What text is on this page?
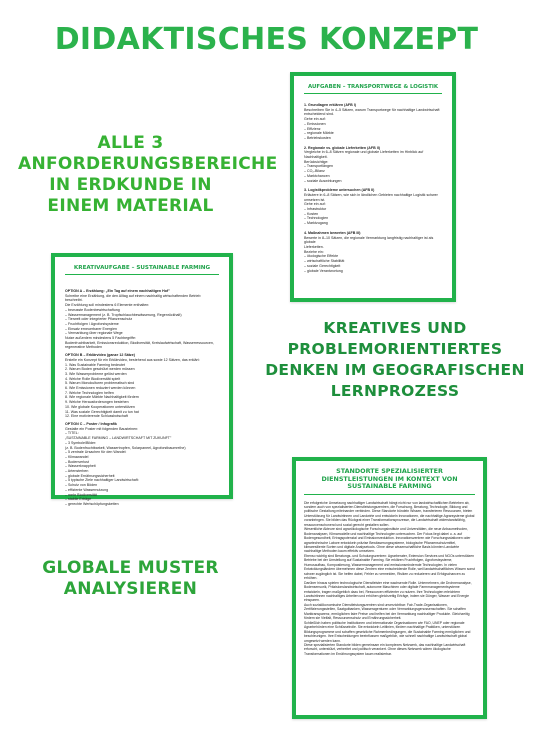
DIDAKTISCHES KONZEPT
AUFGABEN – TRANSPORTWEGE & LOGISTIK
1. Grundlagen erklären (AFB I)
Beschreiben Sie in 4–5 Sätzen, warum Transportwege für nachhaltige Landwirtschaft
entscheidend sind.
Gehe ein auf:
– Emissionen
– Effizienz
– regionale Märkte
– Betriebskosten
2. Regionale vs. globale Lieferketten (AFB II)
Vergleiche in 6–8 Sätzen regionale und globale Lieferketten im Hinblick auf
Nachhaltigkeit.
Berücksichtige:
– Transportlängen
– CO₂-Bilanz
– Marktchancen
– soziale Auswirkungen
3. Logistikprobleme untersuchen (AFB II)
Erläutere in 6–8 Sätzen, wie sich in ländlichen Gebieten nachhaltige Logistik schwer
umsetzen ist.
Gehe ein auf:
– Infrastruktur
– Kosten
– Technologien
– Marktzugang
4. Maßnahmen bewerten (AFB III)
Bewerte in 8–10 Sätzen, die regionale Vermarktung langfristig nachhaltiger ist als globale
Lieferketten.
Beziehe ein:
– ökologische Effekte
– wirtschaftliche Stabilität
– soziale Gerechtigkeit
– globale Verantwortung
ALLE 3 ANFORDERUNGSBEREICHE IN ERDKUNDE IN EINEM MATERIAL
KREATIVAUFGABE – SUSTAINABLE FARMING
OPTION A – Erzählung: „Ein Tag auf einem nachhaltigen Hof"
Schreibe eine Erzählung, die den Alltag auf einem nachhaltig wirtschaftenden Betrieb beschreibt.
Die Erzählung soll mindestens 6 Elemente enthalten:
– bewusste Bodenbewirtschaftung
– Wassermanagement (z. B. Tropfschlauchbewässerung, Regenrückhalt)
– Tierwelt oder integrierter Pflanzenschutz
– Fruchtfolgen / Agroforstsysteme
– Einsatz erneuerbarer Energien
– Vermarktung über regionale Wege
Nutze außerdem mindestens 5 Fachbegriffe:
Bodenfruchtbarkeit, Emissionsreduktion, Biodiversität, Kreislaufwirtschaft, Wasserressourcen,
regenerative Methoden
OPTION B – Erklärvideo (ganze 12 Sätze)
Erstelle ein Konzept für ein Erklärvideo, bestehend aus sowie 12 Sätzen, das erklärt:
1. Was Sustainable Farming bedeutet
2. Warum Boden geschützt werden müssen
3. Wie Wasserprobleme gelöst werden
4. Welche Rolle Biodiversität spielt
5. Warum Monokulturen problematisch sind
6. Wie Emissionen reduziert werden können
7. Welche Technologien helfen
8. Wie regionale Märkte Nachhaltigkeit fördern
9. Welche Herausforderungen bestehen
10. Wie globale Kooperationen unterstützen
11. Was soziale Gerechtigkeit damit zu tun hat
12. Eine motivierende Schlussbotschaft
OPTION C – Poster / Infografik
Gestalte ein Poster mit folgenden Bausteinen:
– TITEL:
„SUSTAINABLE FARMING – LANDWIRTSCHAFT MIT ZUKUNFT"
– 3 Symbole/Bilder:
(z. B. Bodenfruchtbarkeit, Wassertropfen, Solarpaneel, Agroforstbaumreihe)
– 5 zentrale Ursachen für den Wandel:
– Klimawandel
– Bodenverlust
– Wasserknappheit
– Artensterben
– globale Ernährungssicherheit
– 5 typische Ziele nachhaltiger Landwirtschaft:
– Schutz von Böden
– effiziente Wassernutzung
– mehr Biodiversität
– stabile Erträge
– gerechte Wertschöpfungsketten
KREATIVES UND PROBLEMORIENTIERTES DENKEN IM GEOGRAFISCHEN LERNPROZESS
STANDORTE SPEZIALISIERTER DIENSTLEISTUNGEN IM KONTEXT VON SUSTAINABLE FARMING

Die erfolgreiche Umsetzung nachhaltiger Landwirtschaft hängt nicht nur von landwirtschaftlichen Betrieben ab, sondern auch von spezialisierten Dienstleistungszentren, die Forschung, Beratung, Technologie, Bildung und politische Gestaltung miteinander verbinden. Diese Standorte bündeln Wissen, transferieren Ressourcen, bieten Unterstützung für Landwirtinnen und Landwirte und entwickeln Innovationen, die nachhaltige Agrarsysteme global voranbringen. Sie bilden das Rückgrat einer Transformationsprozesse, die Landwirtschaft widerstandsfähig, ressourcenschonend und sozial gerecht gestalten sollen.

Wesentliche Akteure sind agrarökologische Forschungsinstitute und Universitäten, die neue Anbaumethoden, Bodenanalysen, Klimamodelle und nachhaltige Technologien untersuchen. Der Fokus liegt dabei u. a. auf Bodengesundheit, Ertragspotenzial und Emissionsreduktion. Innovationszentren wie Forschungsstationen oder agrartechnische Labore entwickeln präzise Bewässerungssysteme, biologische Pflanzenschutzmittel, klimaresiliente Sorten und digitale Analysetools. Ohne diese wissenschaftliche Basis könnten Landwirte nachhaltige Methoden kaum effektiv umsetzen.

Ebenso wichtig sind Beratungs- und Schulungszentren: Agrarberater, Extension Services und NGOs unterstützen Betriebe bei der Umstellung auf Sustainable Farming. Sie erklären Fruchtfolgen, Agroforstsysteme, Humusaufbau, Kompostierung, Wassermanagement und emissionsmindernde Technologien. In vielen Entwicklungsländern übernehmen diese Zentren eine entscheidende Rolle, weil landwirtschaftliches Wissen sonst schwer zugänglich ist. Sie helfen dabei, Fehler zu vermeiden, Risiken zu reduzieren und Erfolgschancen zu erhöhen.

Darüber hinaus spielen technologische Dienstleister eine wachsende Rolle. Unternehmen, die Drohnenanalyse, Bodensensorik, Präzisionslandwirtschaft, autonome Maschinen oder digitale Farmmanagementsysteme entwickeln, tragen maßgeblich dazu bei, Ressourcen effizienter zu nutzen. Ihre Technologien erleichtern Landwirtinnen nachhaltiges Arbeiten und erhöhen gleichzeitig Erträge, indem sie Dünger, Wasser und Energie einsparen.

Auch sozialökonomische Dienstleistungszentren sind unverzichtbar: Fair-Trade-Organisationen, Zertifizierungsstellen, Saatgutbanken, Wasseragenturen oder Vermarktungsgenossenschaften. Sie schaffen Marktransparenz, ermöglichen faire Preise und helfen bei der Vermarktung nachhaltiger Produkte. Gleichzeitig fördern sie Vielfalt, Ressourcenschutz und Ernährungssicherheit.

Schließlich haben politische Institutionen und internationale Organisationen wie FAO, UNEP oder regionale Agrarbehörden eine Schlüsselrolle. Sie entwickeln Leitlinien, fördern nachhaltige Praktiken, unterstützen Bildungsprogramme und schaffen gesetzliche Rahmenbedingungen, die Sustainable Farming ermöglichen und beschleunigen. Ihre Entscheidungen beeinflussen maßgeblich, wie schnell nachhaltige Landwirtschaft global umgesetzt werden kann.

Diese spezialisierten Standorte bilden gemeinsam ein komplexes Netzwerk, das nachhaltige Landwirtschaft erforscht, unterstützt, verbreitet und politisch verankert. Ohne dieses Netzwerk wären ökologische Transformationen im Ernährungssystem kaum realisierbar.

GLOBALE MUSTER ANALYSIEREN
